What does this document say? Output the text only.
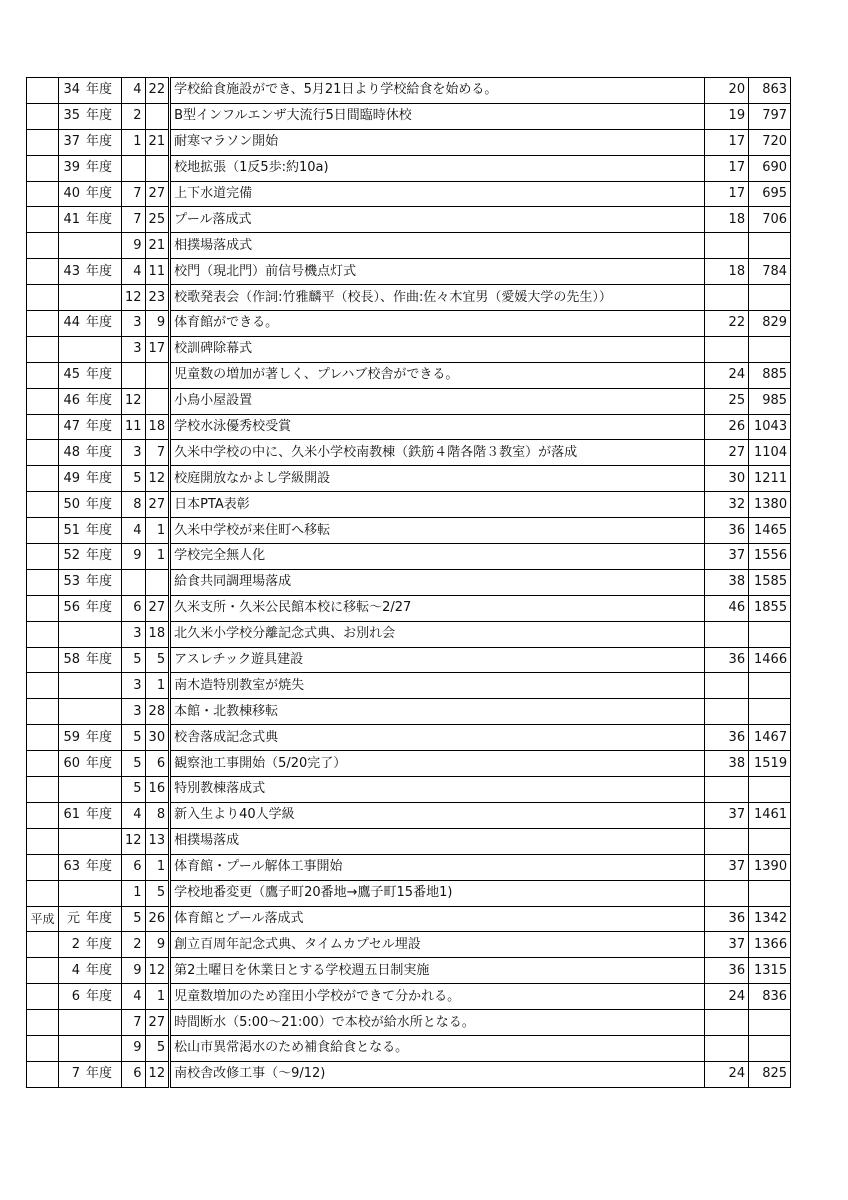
	34	年度	4	22	学校給食施設ができ、5月21日より学校給食を始める。	20	863
	35	年度	2		B型インフルエンザ大流行5日間臨時休校	19	797
	37	年度	1	21	耐寒マラソン開始	17	720
	39	年度			校地拡張（1反5歩:約10a)	17	690
	40	年度	7	27	上下水道完備	17	695
	41	年度	7	25	プール落成式	18	706
			9	21	相撲場落成式		
	43	年度	4	11	校門（現北門）前信号機点灯式	18	784
			12	23	校歌発表会（作詞:竹雅麟平（校長）、作曲:佐々木宜男（愛媛大学の先生））		
	44	年度	3	9	体育館ができる。	22	829
			3	17	校訓碑除幕式		
	45	年度			児童数の増加が著しく、プレハブ校舎ができる。	24	885
	46	年度	12		小鳥小屋設置	25	985
	47	年度	11	18	学校水泳優秀校受賞	26	1043
	48	年度	3	7	久米中学校の中に、久米小学校南教棟（鉄筋４階各階３教室）が落成	27	1104
	49	年度	5	12	校庭開放なかよし学級開設	30	1211
	50	年度	8	27	日本PTA表彰	32	1380
	51	年度	4	1	久米中学校が来住町へ移転	36	1465
	52	年度	9	1	学校完全無人化	37	1556
	53	年度			給食共同調理場落成	38	1585
	56	年度	6	27	久米支所・久米公民館本校に移転～2/27	46	1855
			3	18	北久米小学校分離記念式典、お別れ会		
	58	年度	5	5	アスレチック遊具建設	36	1466
			3	1	南木造特別教室が焼失		
			3	28	本館・北教棟移転		
	59	年度	5	30	校舎落成記念式典	36	1467
	60	年度	5	6	観察池工事開始（5/20完了）	38	1519
			5	16	特別教棟落成式		
	61	年度	4	8	新入生より40人学級	37	1461
			12	13	相撲場落成		
	63	年度	6	1	体育館・プール解体工事開始	37	1390
			1	5	学校地番変更（鷹子町20番地→鷹子町15番地1)		
平成	元	年度	5	26	体育館とプール落成式	36	1342
	2	年度	2	9	創立百周年記念式典、タイムカプセル埋設	37	1366
	4	年度	9	12	第2土曜日を休業日とする学校週五日制実施	36	1315
	6	年度	4	1	児童数増加のため窪田小学校ができて分かれる。	24	836
			7	27	時間断水（5:00～21:00）で本校が給水所となる。		
			9	5	松山市異常渇水のため補食給食となる。		
	7	年度	6	12	南校舎改修工事（～9/12)	24	825
